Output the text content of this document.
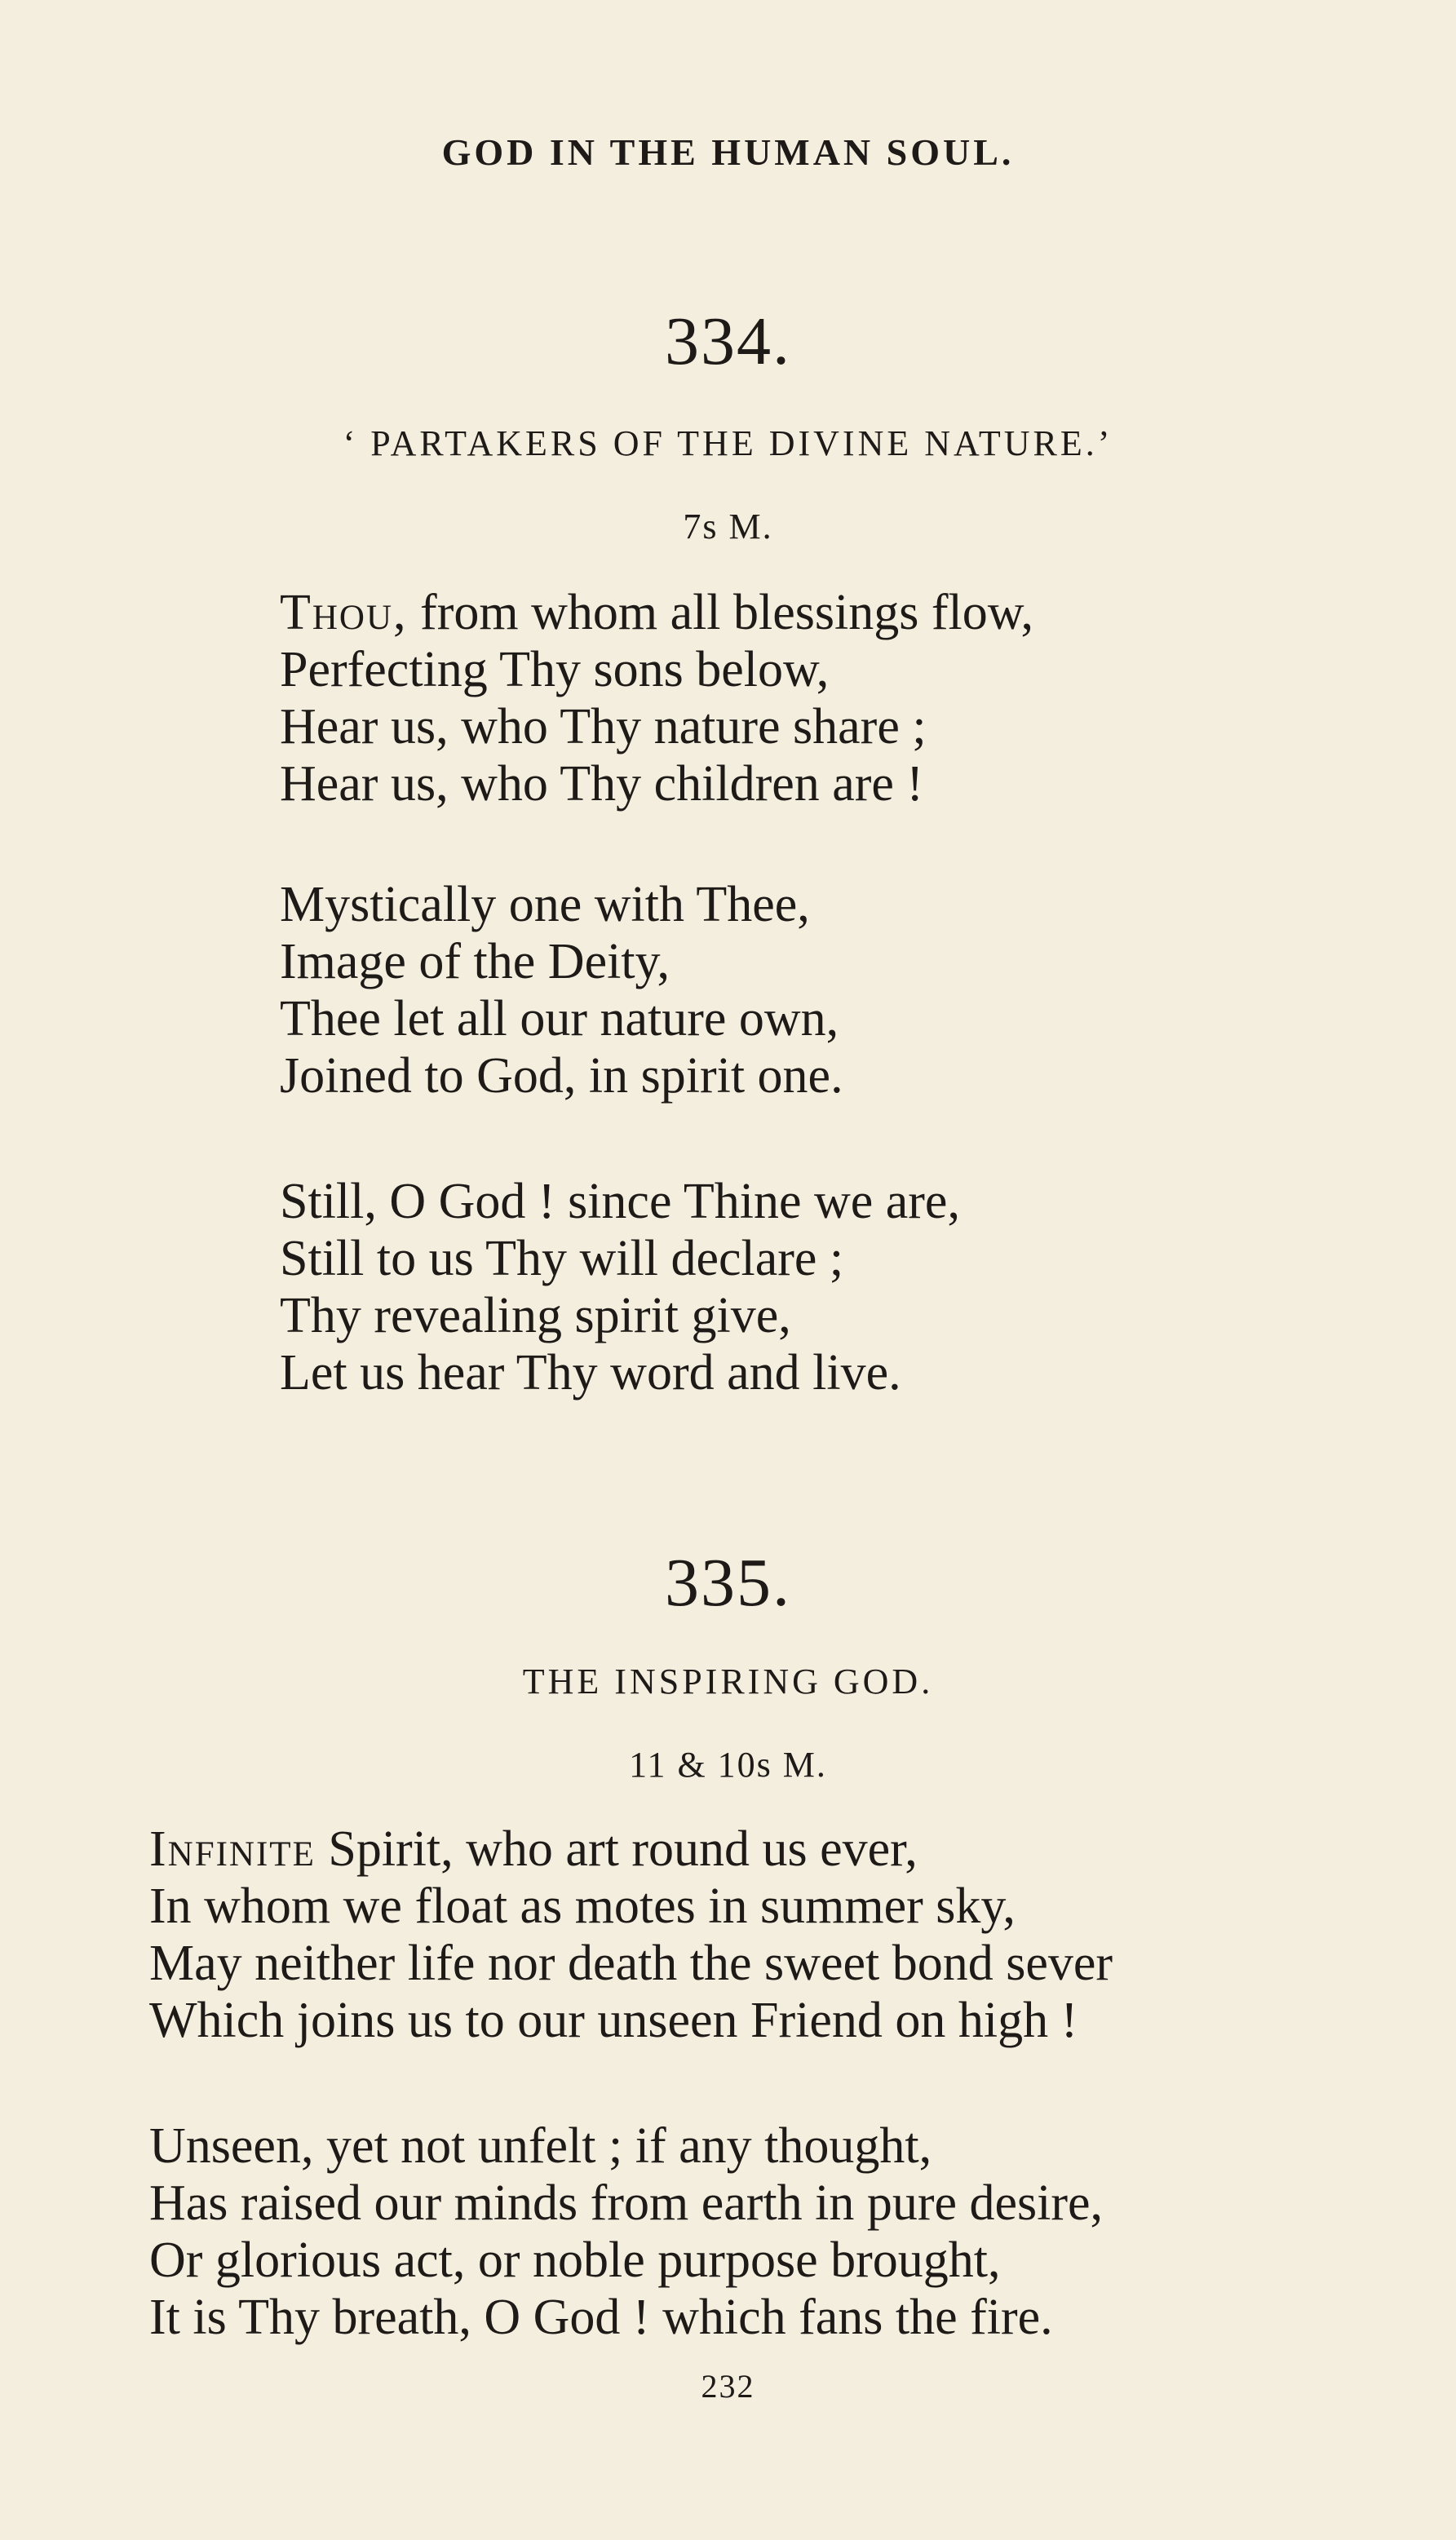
GOD IN THE HUMAN SOUL.
334.
‘ PARTAKERS OF THE DIVINE NATURE.’
7s M.
Thou, from whom all blessings flow,
Perfecting Thy sons below,
Hear us, who Thy nature share ;
Hear us, who Thy children are !
Mystically one with Thee,
Image of the Deity,
Thee let all our nature own,
Joined to God, in spirit one.
Still, O God ! since Thine we are,
Still to us Thy will declare ;
Thy revealing spirit give,
Let us hear Thy word and live.
335.
THE INSPIRING GOD.
11 & 10s M.
Infinite Spirit, who art round us ever,
In whom we float as motes in summer sky,
May neither life nor death the sweet bond sever
Which joins us to our unseen Friend on high !
Unseen, yet not unfelt ; if any thought,
Has raised our minds from earth in pure desire,
Or glorious act, or noble purpose brought,
It is Thy breath, O God ! which fans the fire.
232
